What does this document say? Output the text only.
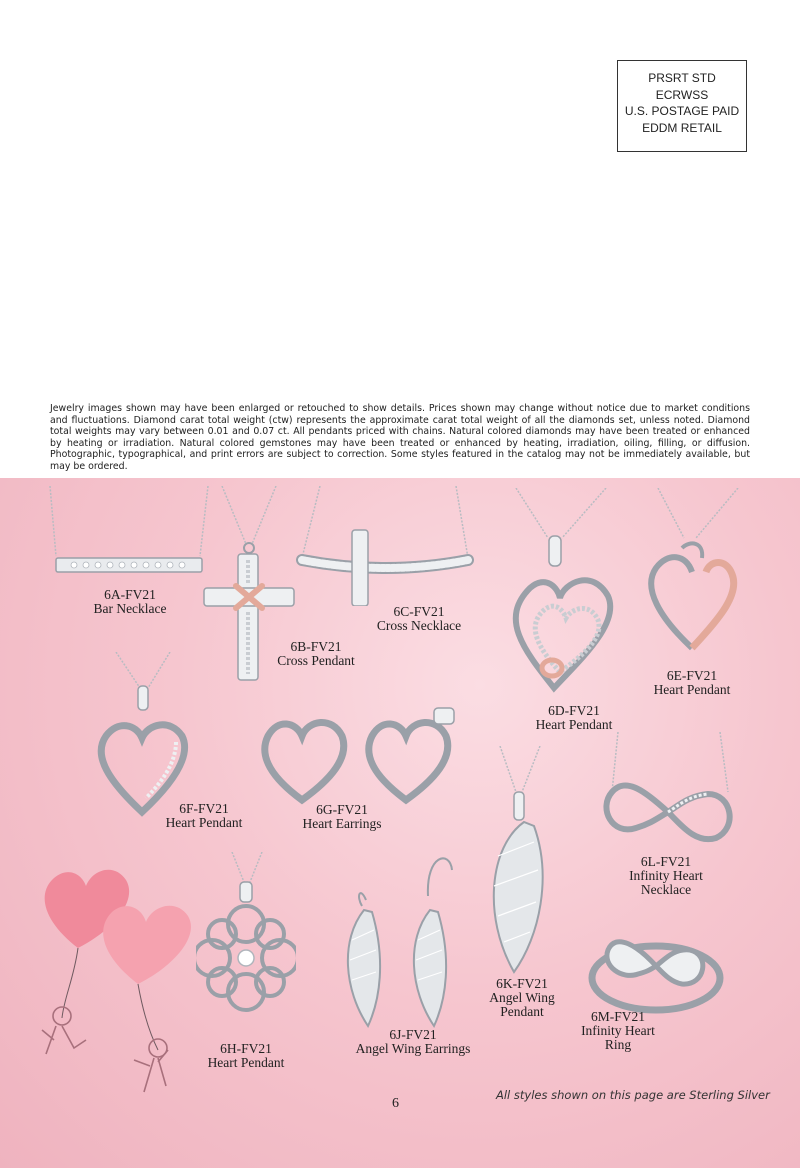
PRSRT STD
ECRWSS
U.S. POSTAGE PAID
EDDM RETAIL

Jewelry images shown may have been enlarged or retouched to show details. Prices shown may change without notice due to market conditions and fluctuations. Diamond carat total weight (ctw) represents the approximate carat total weight of all the diamonds set, unless noted. Diamond total weights may vary between 0.01 and 0.07 ct. All pendants priced with chains. Natural colored diamonds may have been treated or enhanced by heating or irradiation. Natural colored gemstones may have been treated or enhanced by heating, irradiation, oiling, filling, or diffusion. Photographic, typographical, and print errors are subject to correction. Some styles featured in the catalog may not be immediately available, but may be ordered.

6A-FV21
Bar Necklace
6B-FV21
Cross Pendant
6C-FV21
Cross Necklace
6D-FV21
Heart Pendant
6E-FV21
Heart Pendant
6F-FV21
Heart Pendant
6G-FV21
Heart Earrings
6H-FV21
Heart Pendant
6J-FV21
Angel Wing Earrings
6K-FV21
Angel Wing
Pendant
6L-FV21
Infinity Heart
Necklace
6M-FV21
Infinity Heart
Ring
6
All styles shown on this page are Sterling Silver
